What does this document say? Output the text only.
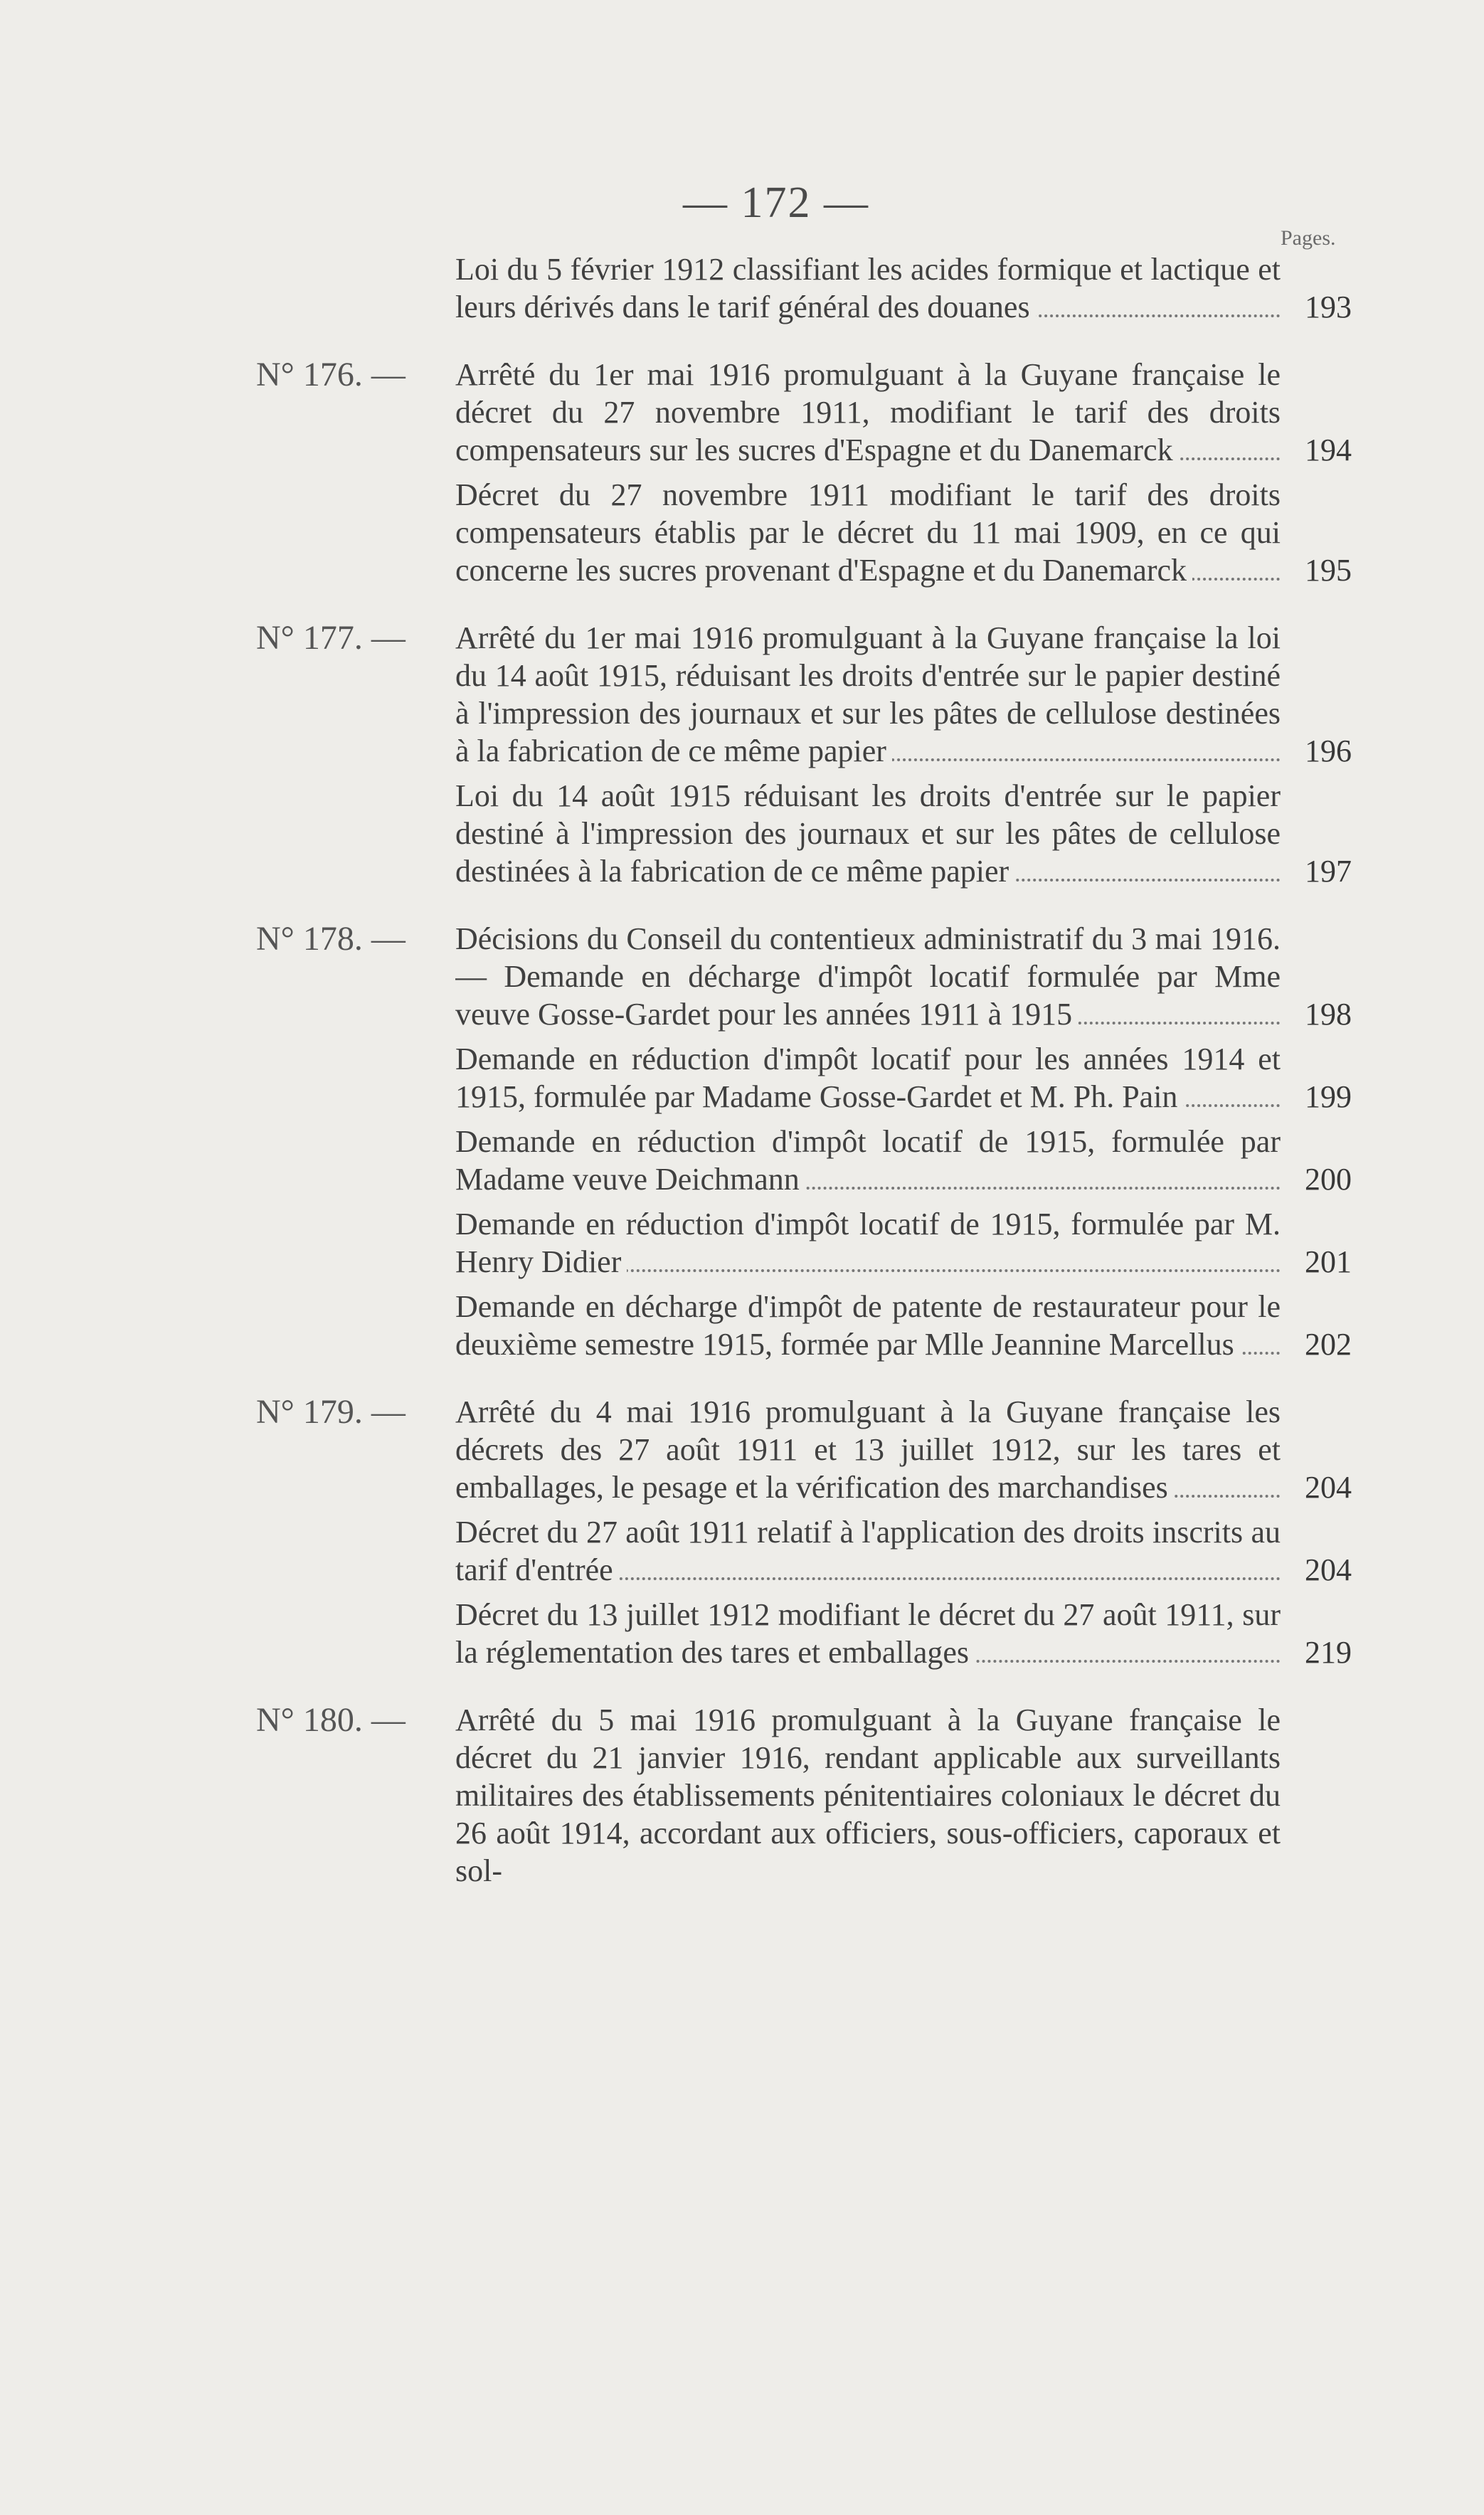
— 172 —
Pages.
Loi du 5 février 1912 classifiant les acides formique et lactique et leurs dérivés dans le tarif général des douanes	193
N° 176. —	Arrêté du 1er mai 1916 promulguant à la Guyane française le décret du 27 novembre 1911, modifiant le tarif des droits compensateurs sur les sucres d'Espagne et du Danemarck	194
Décret du 27 novembre 1911 modifiant le tarif des droits compensateurs établis par le décret du 11 mai 1909, en ce qui concerne les sucres provenant d'Espagne et du Danemarck	195
N° 177. —	Arrêté du 1er mai 1916 promulguant à la Guyane française la loi du 14 août 1915, réduisant les droits d'entrée sur le papier destiné à l'impression des journaux et sur les pâtes de cellulose destinées à la fabrication de ce même papier	196
Loi du 14 août 1915 réduisant les droits d'entrée sur le papier destiné à l'impression des journaux et sur les pâtes de cellulose destinées à la fabrication de ce même papier	197
N° 178. —	Décisions du Conseil du contentieux administratif du 3 mai 1916. — Demande en décharge d'impôt locatif formulée par Mme veuve Gosse-Gardet pour les années 1911 à 1915	198
Demande en réduction d'impôt locatif pour les années 1914 et 1915, formulée par Madame Gosse-Gardet et M. Ph. Pain	199
Demande en réduction d'impôt locatif de 1915, formulée par Madame veuve Deichmann	200
Demande en réduction d'impôt locatif de 1915, formulée par M. Henry Didier	201
Demande en décharge d'impôt de patente de restaurateur pour le deuxième semestre 1915, formée par Mlle Jeannine Marcellus	202
N° 179. —	Arrêté du 4 mai 1916 promulguant à la Guyane française les décrets des 27 août 1911 et 13 juillet 1912, sur les tares et emballages, le pesage et la vérification des marchandises	204
Décret du 27 août 1911 relatif à l'application des droits inscrits au tarif d'entrée	204
Décret du 13 juillet 1912 modifiant le décret du 27 août 1911, sur la réglementation des tares et emballages	219
N° 180. —	Arrêté du 5 mai 1916 promulguant à la Guyane française le décret du 21 janvier 1916, rendant applicable aux surveillants militaires des établissements pénitentiaires coloniaux le décret du 26 août 1914, accordant aux officiers, sous-officiers, caporaux et sol-
